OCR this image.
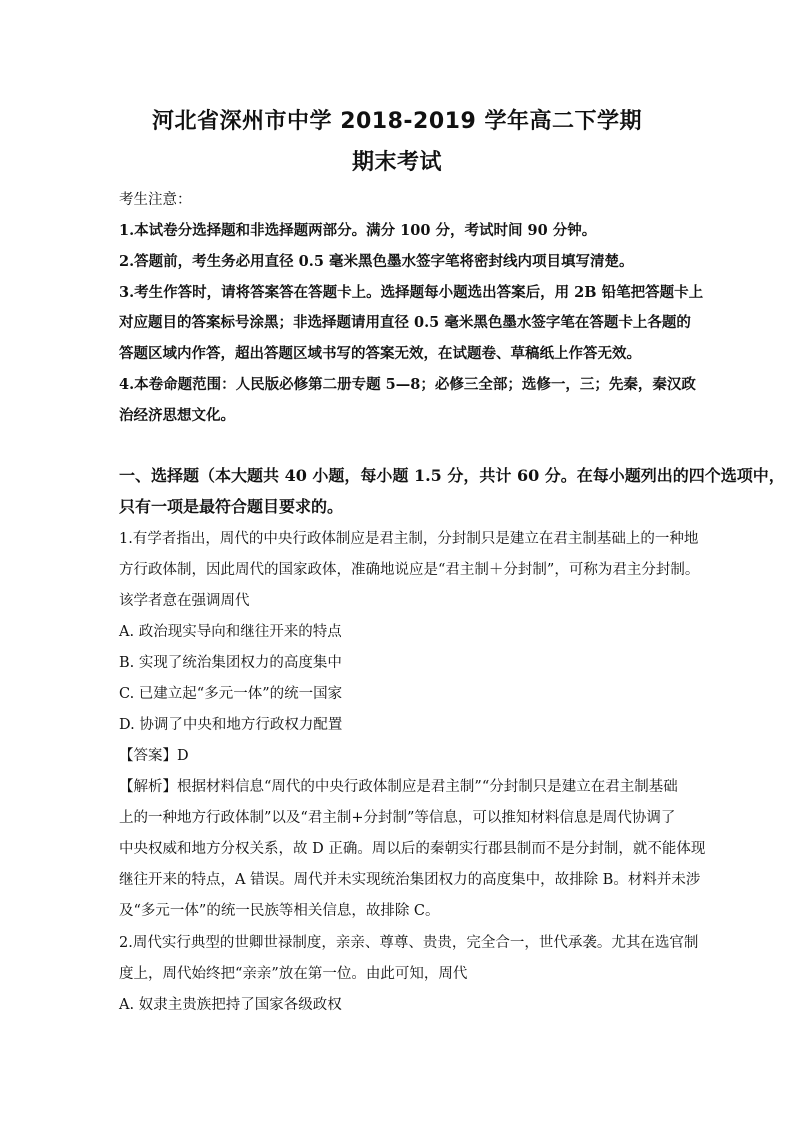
河北省深州市中学 2018-2019 学年高二下学期
期末考试
考生注意：
1.本试卷分选择题和非选择题两部分。满分 100 分，考试时间 90 分钟。
2.答题前，考生务必用直径 0.5 毫米黑色墨水签字笔将密封线内项目填写清楚。
3.考生作答时，请将答案答在答题卡上。选择题每小题选出答案后，用 2B 铅笔把答题卡上
对应题目的答案标号涂黑；非选择题请用直径 0.5 毫米黑色墨水签字笔在答题卡上各题的
答题区域内作答，超出答题区域书写的答案无效，在试题卷、草稿纸上作答无效。
4.本卷命题范围：人民版必修第二册专题 5—8；必修三全部；选修一，三；先秦，秦汉政
治经济思想文化。
一、选择题（本大题共 40 小题，每小题 1.5 分，共计 60 分。在每小题列出的四个选项中，
只有一项是最符合题目要求的。
1.有学者指出，周代的中央行政体制应是君主制，分封制只是建立在君主制基础上的一种地
方行政体制，因此周代的国家政体，准确地说应是“君主制＋分封制”，可称为君主分封制。
该学者意在强调周代
A. 政治现实导向和继往开来的特点
B. 实现了统治集团权力的高度集中
C. 已建立起“多元一体”的统一国家
D. 协调了中央和地方行政权力配置
【答案】D
【解析】根据材料信息“周代的中央行政体制应是君主制”“分封制只是建立在君主制基础
上的一种地方行政体制”以及“君主制+分封制”等信息，可以推知材料信息是周代协调了
中央权威和地方分权关系，故 D 正确。周以后的秦朝实行郡县制而不是分封制，就不能体现
继往开来的特点，A 错误。周代并未实现统治集团权力的高度集中，故排除 B。材料并未涉
及“多元一体”的统一民族等相关信息，故排除 C。
2.周代实行典型的世卿世禄制度，亲亲、尊尊、贵贵，完全合一，世代承袭。尤其在选官制
度上，周代始终把“亲亲”放在第一位。由此可知，周代
A. 奴隶主贵族把持了国家各级政权
